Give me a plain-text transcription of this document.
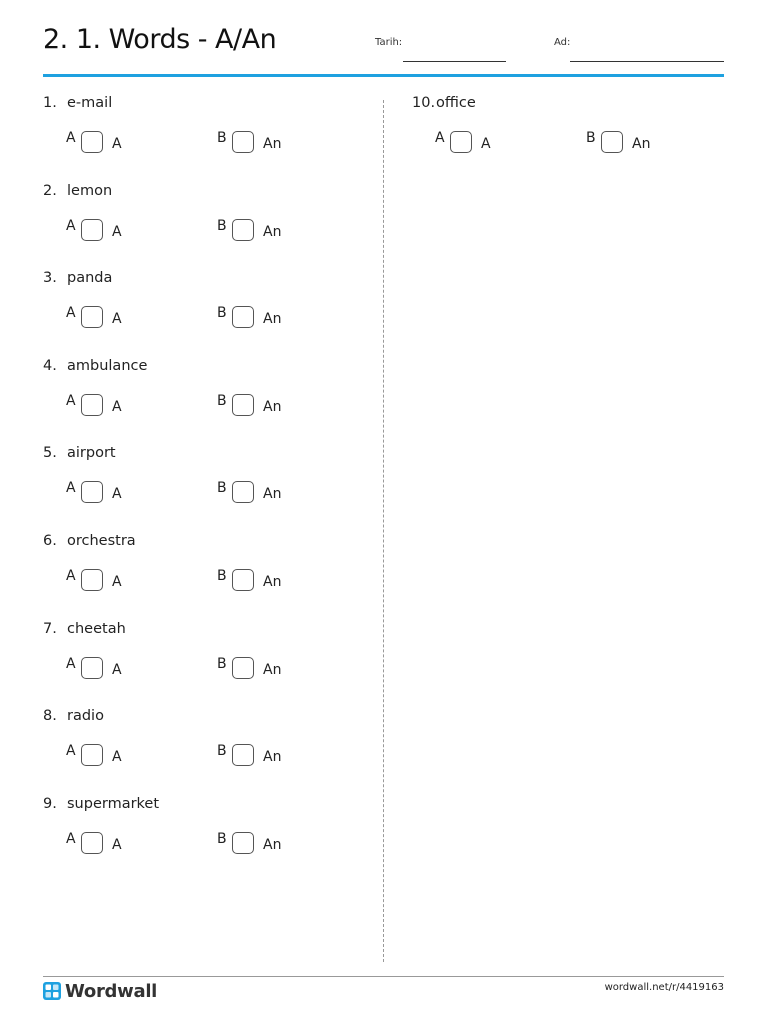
2. 1. Words - A/An	Tarih:	Ad:
1. e-mail
A	A	B	An
2. lemon
A	A	B	An
3. panda
A	A	B	An
4. ambulance
A	A	B	An
5. airport
A	A	B	An
6. orchestra
A	A	B	An
7. cheetah
A	A	B	An
8. radio
A	A	B	An
9. supermarket
A	A	B	An
10.office
A	A	B	An
Wordwall	wordwall.net/r/4419163
